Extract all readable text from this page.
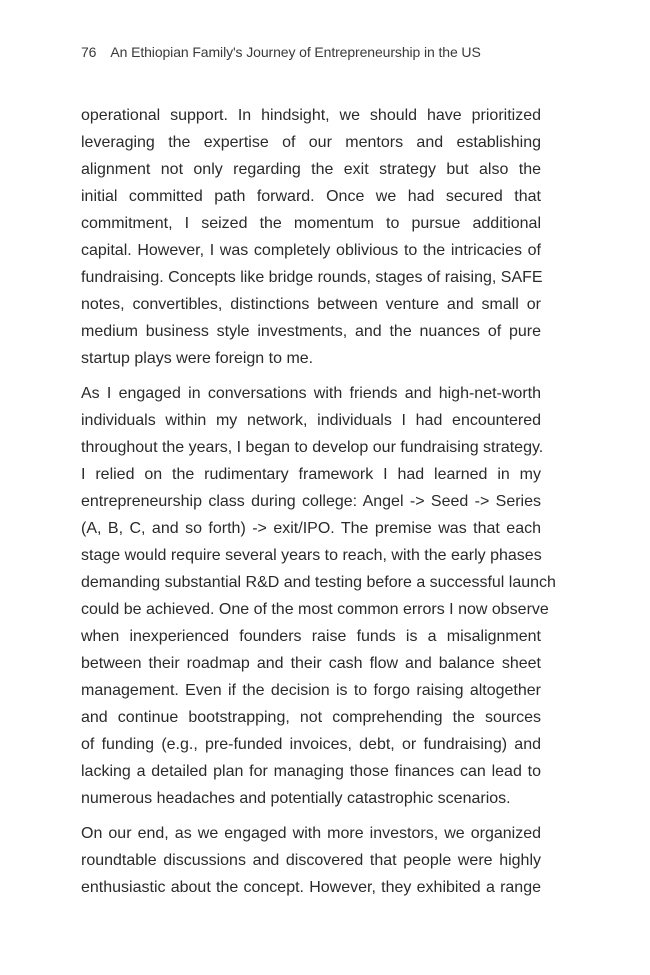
76 An Ethiopian Family's Journey of Entrepreneurship in the US
operational support. In hindsight, we should have prioritized
leveraging the expertise of our mentors and establishing
alignment not only regarding the exit strategy but also the
initial committed path forward. Once we had secured that
commitment, I seized the momentum to pursue additional
capital. However, I was completely oblivious to the intricacies of
fundraising. Concepts like bridge rounds, stages of raising, SAFE
notes, convertibles, distinctions between venture and small or
medium business style investments, and the nuances of pure
startup plays were foreign to me.
As I engaged in conversations with friends and high-net-worth
individuals within my network, individuals I had encountered
throughout the years, I began to develop our fundraising strategy.
I relied on the rudimentary framework I had learned in my
entrepreneurship class during college: Angel -> Seed -> Series
(A, B, C, and so forth) -> exit/IPO. The premise was that each
stage would require several years to reach, with the early phases
demanding substantial R&D and testing before a successful launch
could be achieved. One of the most common errors I now observe
when inexperienced founders raise funds is a misalignment
between their roadmap and their cash flow and balance sheet
management. Even if the decision is to forgo raising altogether
and continue bootstrapping, not comprehending the sources
of funding (e.g., pre-funded invoices, debt, or fundraising) and
lacking a detailed plan for managing those finances can lead to
numerous headaches and potentially catastrophic scenarios.
On our end, as we engaged with more investors, we organized
roundtable discussions and discovered that people were highly
enthusiastic about the concept. However, they exhibited a range
